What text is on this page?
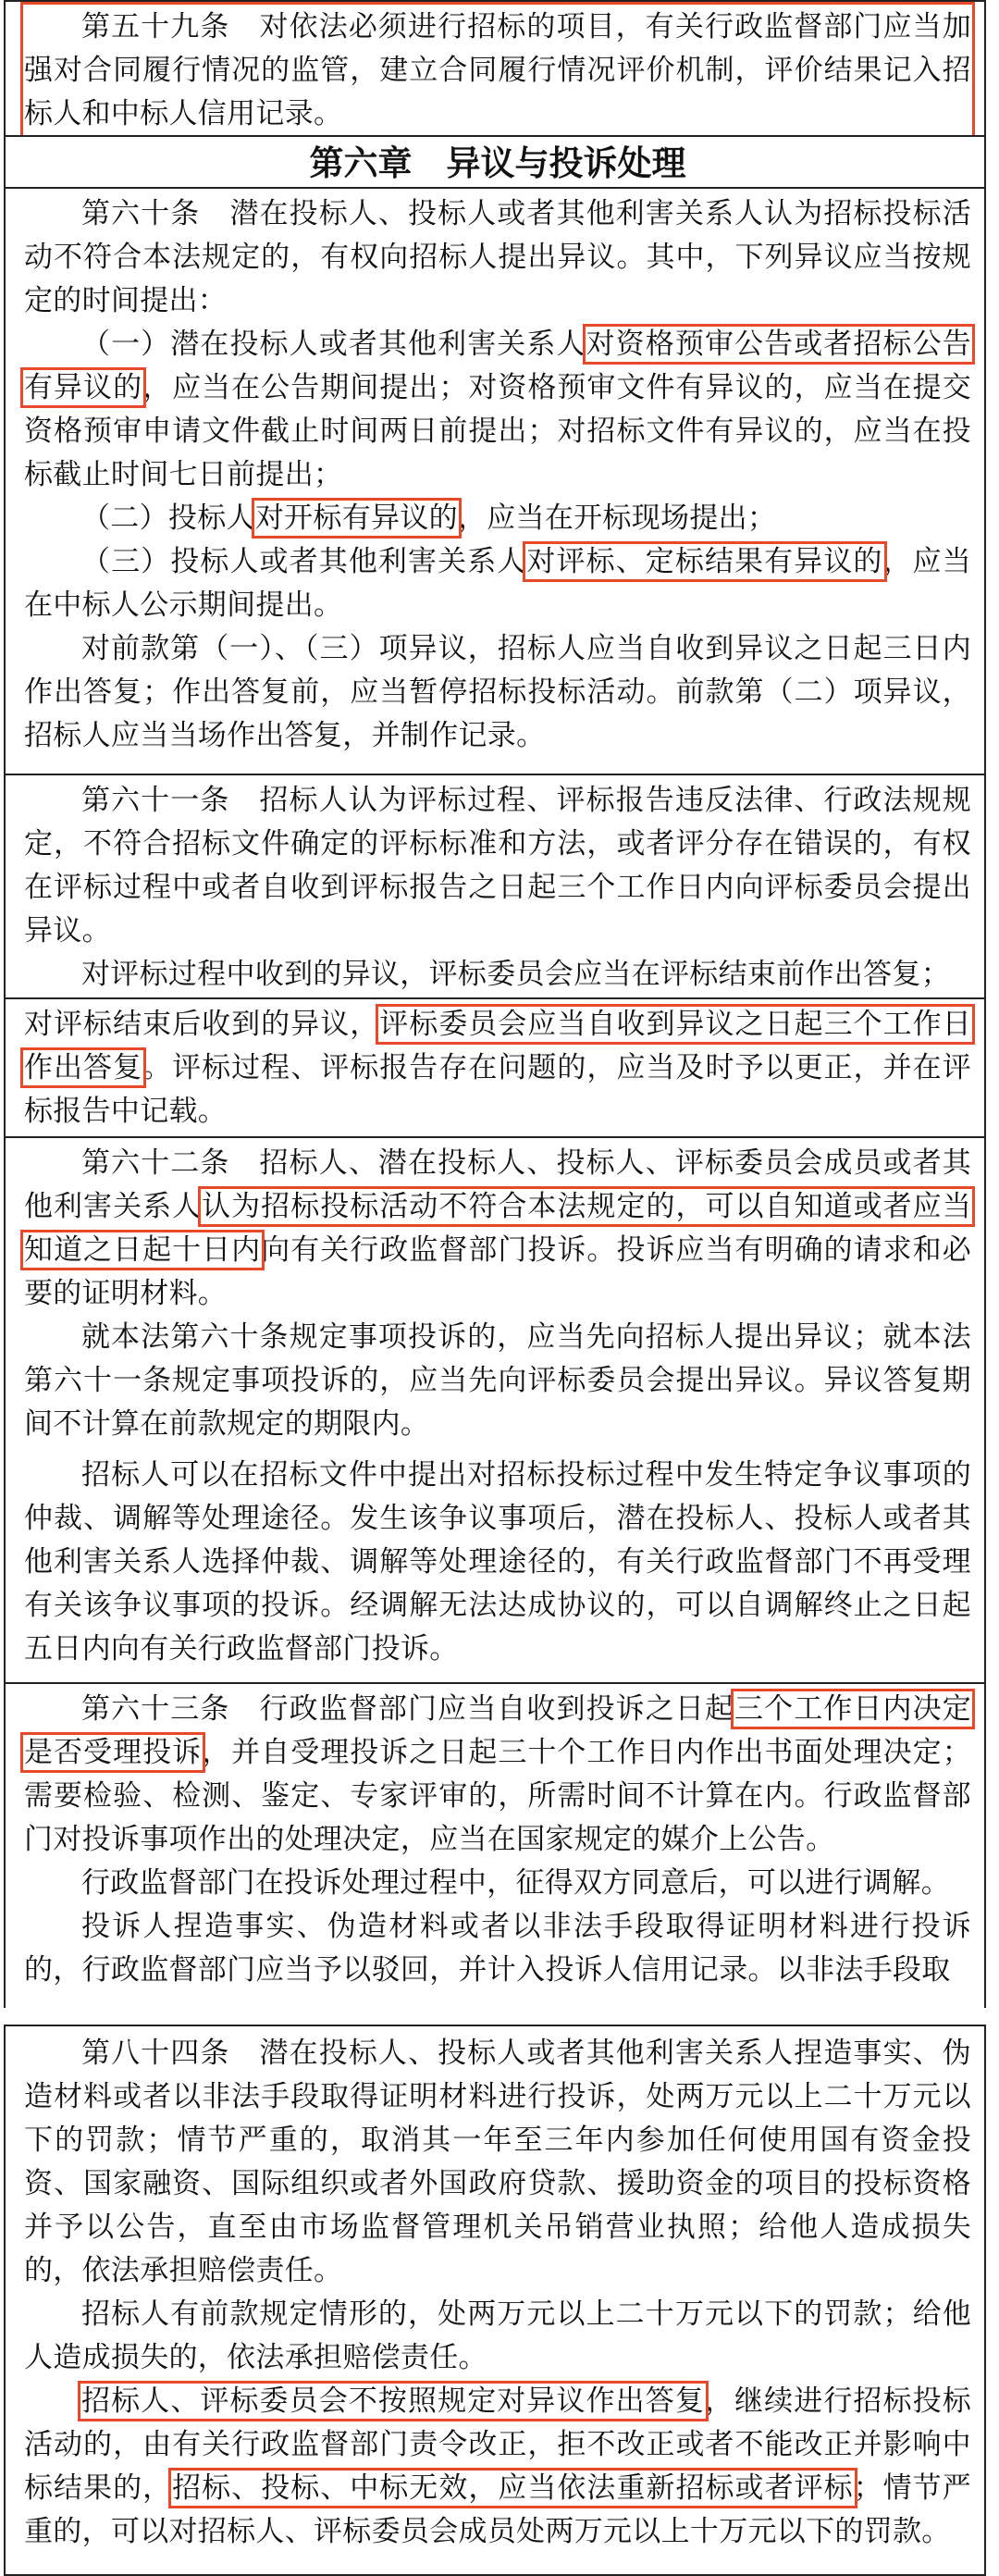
第五十九条　对依法必须进行招标的项目，有关行政监督部门应当加强对合同履行情况的监管，建立合同履行情况评价机制，评价结果记入招标人和中标人信用记录。

第六章　异议与投诉处理

第六十条　潜在投标人、投标人或者其他利害关系人认为招标投标活动不符合本法规定的，有权向招标人提出异议。其中，下列异议应当按规定的时间提出：

（一）潜在投标人或者其他利害关系人对资格预审公告或者招标公告有异议的，应当在公告期间提出；对资格预审文件有异议的，应当在提交资格预审申请文件截止时间两日前提出；对招标文件有异议的，应当在投标截止时间七日前提出；

（二）投标人对开标有异议的，应当在开标现场提出；

（三）投标人或者其他利害关系人对评标、定标结果有异议的，应当在中标人公示期间提出。

对前款第（一）、（三）项异议，招标人应当自收到异议之日起三日内作出答复；作出答复前，应当暂停招标投标活动。前款第（二）项异议，招标人应当当场作出答复，并制作记录。

第六十一条　招标人认为评标过程、评标报告违反法律、行政法规规定，不符合招标文件确定的评标标准和方法，或者评分存在错误的，有权在评标过程中或者自收到评标报告之日起三个工作日内向评标委员会提出异议。

对评标过程中收到的异议，评标委员会应当在评标结束前作出答复；

对评标结束后收到的异议，评标委员会应当自收到异议之日起三个工作日作出答复。评标过程、评标报告存在问题的，应当及时予以更正，并在评标报告中记载。

第六十二条　招标人、潜在投标人、投标人、评标委员会成员或者其他利害关系人认为招标投标活动不符合本法规定的，可以自知道或者应当知道之日起十日内向有关行政监督部门投诉。投诉应当有明确的请求和必要的证明材料。

就本法第六十条规定事项投诉的，应当先向招标人提出异议；就本法第六十一条规定事项投诉的，应当先向评标委员会提出异议。异议答复期间不计算在前款规定的期限内。

招标人可以在招标文件中提出对招标投标过程中发生特定争议事项的仲裁、调解等处理途径。发生该争议事项后，潜在投标人、投标人或者其他利害关系人选择仲裁、调解等处理途径的，有关行政监督部门不再受理有关该争议事项的投诉。经调解无法达成协议的，可以自调解终止之日起五日内向有关行政监督部门投诉。

第六十三条　行政监督部门应当自收到投诉之日起三个工作日内决定是否受理投诉，并自受理投诉之日起三十个工作日内作出书面处理决定；需要检验、检测、鉴定、专家评审的，所需时间不计算在内。行政监督部门对投诉事项作出的处理决定，应当在国家规定的媒介上公告。

行政监督部门在投诉处理过程中，征得双方同意后，可以进行调解。

投诉人捏造事实、伪造材料或者以非法手段取得证明材料进行投诉的，行政监督部门应当予以驳回，并计入投诉人信用记录。以非法手段取

第八十四条　潜在投标人、投标人或者其他利害关系人捏造事实、伪造材料或者以非法手段取得证明材料进行投诉，处两万元以上二十万元以下的罚款；情节严重的，取消其一年至三年内参加任何使用国有资金投资、国家融资、国际组织或者外国政府贷款、援助资金的项目的投标资格并予以公告，直至由市场监督管理机关吊销营业执照；给他人造成损失的，依法承担赔偿责任。

招标人有前款规定情形的，处两万元以上二十万元以下的罚款；给他人造成损失的，依法承担赔偿责任。

招标人、评标委员会不按照规定对异议作出答复，继续进行招标投标活动的，由有关行政监督部门责令改正，拒不改正或者不能改正并影响中标结果的，招标、投标、中标无效，应当依法重新招标或者评标；情节严重的，可以对招标人、评标委员会成员处两万元以上十万元以下的罚款。
